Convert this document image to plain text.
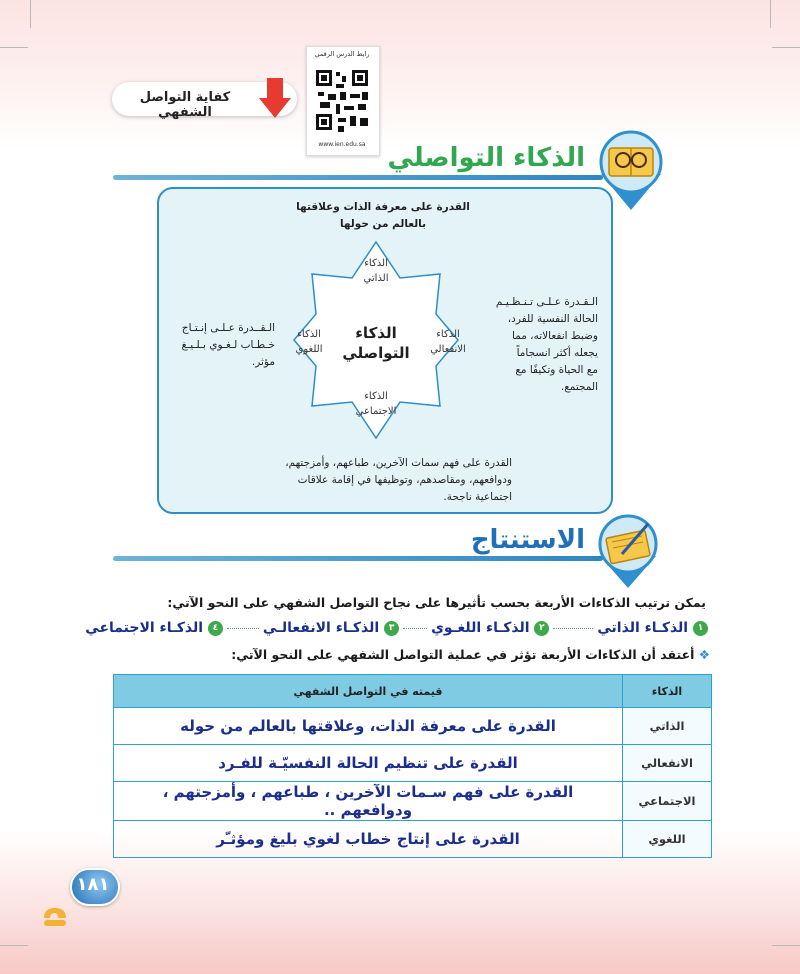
كفاية التواصل الشفهي
رابط الدرس الرقمي
www.ien.edu.sa الذكاء التواصلي
القدرة على معرفة الذات وعلاقتها
بالعالم من حولها
الذكاء
الذاتي
الذكاء
الانفعالي
الذكاء
اللغوي
الذكاء
الاجتماعي
الذكاء
التواصلي
الـقـدرة عـلـى تـنـظـيـم
الحالة النفسية للفرد،
وضبط انفعالاته، مما
يجعله أكثر انسجاماً
مع الحياة وتكيفًا مع
المجتمع.
الـقــدرة عـلـى إنـتـاج
خـطـاب لـغـوي بـلـيـغ
مؤثر.
القدرة على فهم سمات الآخرين، طباعهم، وأمزجتهم،
ودوافعهم، ومقاصدهم، وتوظيفها في إقامة علاقات
اجتماعية ناجحة.
الاستنتاج
يمكن ترتيب الذكاءات الأربعة بحسب تأثيرها على نجاح التواصل الشفهي على النحو الآتي:
١ الذكـاء الذاتي٢ الذكـاء اللغـوي٣ الذكـاء الانفعالـي٤ الذكـاء الاجتماعي
❖ أعتقد أن الذكاءات الأربعة تؤثر في عملية التواصل الشفهي على النحو الآتي:
الذكاء	قيمته في التواصل الشفهي
الذاتي	القدرة على معرفة الذات، وعلاقتها بالعالم من حوله
الانفعالي	القدرة على تنظيم الحالة النفسيّـة للفـرد
الاجتماعي	القدرة على فهم سـمات الآخرين ، طباعهم ، وأمزجتهم ، ودوافعهم ..
اللغوي	القدرة على إنتاج خطاب لغوي بليغ ومؤثـّر
١٨١
